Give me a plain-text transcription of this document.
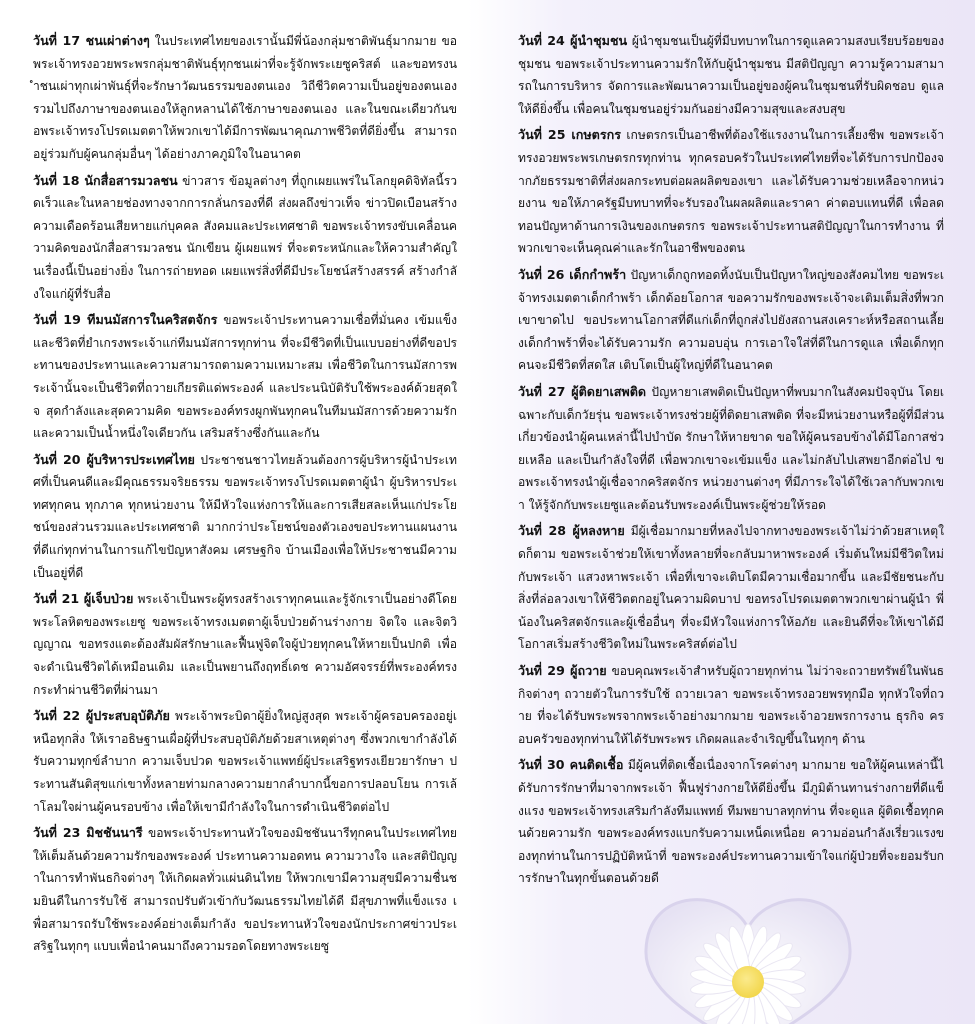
วันที่ 17 ชนเผ่าต่างๆ ในประเทศไทยของเรานั้นมีพี่น้องกลุ่มชาติพันธุ์มากมาย ขอพระเจ้าทรงอวยพระพรกลุ่มชาติพันธุ์ทุกชนเผ่าที่จะรู้จักพระเยซูคริสต์ และขอทรงนำชนเผ่าทุกเผ่าพันธุ์ที่จะรักษาวัฒนธรรมของตนเอง วิถีชีวิตความเป็นอยู่ของตนเอง รวมไปถึงภาษาของตนเองให้ลูกหลานได้ใช้ภาษาของตนเอง และในขณะเดียวกันขอพระเจ้าทรงโปรดเมตตาให้พวกเขาได้มีการพัฒนาคุณภาพชีวิตที่ดียิ่งขึ้น สามารถอยู่ร่วมกับผู้คนกลุ่มอื่นๆ ได้อย่างภาคภูมิใจในอนาคต

วันที่ 18 นักสื่อสารมวลชน ข่าวสาร ข้อมูลต่างๆ ที่ถูกเผยแพร่ในโลกยุคดิจิทัลนี้รวดเร็วและในหลายช่องทางจากการกลั่นกรองที่ดี ส่งผลถึงข่าวเท็จ ข่าวปิดเบือนสร้างความเดือดร้อนเสียหายแก่บุคคล สังคมและประเทศชาติ ขอพระเจ้าทรงขับเคลื่อนความคิดของนักสื่อสารมวลชน นักเขียน ผู้เผยแพร่ ที่จะตระหนักและให้ความสำคัญในเรื่องนี้เป็นอย่างยิ่ง ในการถ่ายทอด เผยแพร่สิ่งที่ดีมีประโยชน์สร้างสรรค์ สร้างกำลังใจแก่ผู้ที่รับสื่อ

วันที่ 19 ทีมนมัสการในคริสตจักร ขอพระเจ้าประทานความเชื่อที่มั่นคง เข้มแข็ง และชีวิตที่ยำเกรงพระเจ้าแก่ทีมนมัสการทุกท่าน ที่จะมีชีวิตที่เป็นแบบอย่างที่ดีขอประทานของประทานและความสามารถตามความเหมาะสม เพื่อชีวิตในการนมัสการพระเจ้านั้นจะเป็นชีวิตที่ถวายเกียรติแด่พระองค์ และประนนิบัติรับใช้พระองค์ด้วยสุดใจ สุดกำลังและสุดความคิด ขอพระองค์ทรงผูกพันทุกคนในทีมนมัสการด้วยความรักและความเป็นน้ำหนึ่งใจเดียวกัน เสริมสร้างซึ่งกันและกัน

วันที่ 20 ผู้บริหารประเทศไทย ประชาชนชาวไทยล้วนต้องการผู้บริหารผู้นำประเทศที่เป็นคนดีและมีคุณธรรมจริยธรรม ขอพระเจ้าทรงโปรดเมตตาผู้นำ ผู้บริหารประเทศทุกคน ทุกภาค ทุกหน่วยงาน ให้มีหัวใจแห่งการให้และการเสียสละเห็นแก่ประโยชน์ของส่วนรวมและประเทศชาติ มากกว่าประโยชน์ของตัวเองขอประทานแผนงานที่ดีแก่ทุกท่านในการแก้ไขปัญหาสังคม เศรษฐกิจ บ้านเมืองเพื่อให้ประชาชนมีความเป็นอยู่ที่ดี

วันที่ 21 ผู้เจ็บป่วย พระเจ้าเป็นพระผู้ทรงสร้างเราทุกคนและรู้จักเราเป็นอย่างดีโดยพระโลหิตของพระเยซู ขอพระเจ้าทรงเมตตาผู้เจ็บป่วยด้านร่างกาย จิตใจ และจิตวิญญาณ ขอทรงแตะต้องสัมผัสรักษาและฟื้นฟูจิตใจผู้ป่วยทุกคนให้หายเป็นปกติ เพื่อจะดำเนินชีวิตได้เหมือนเดิม และเป็นพยานถึงฤทธิ์เดช ความอัศจรรย์ที่พระองค์ทรงกระทำผ่านชีวิตที่ผ่านมา

วันที่ 22 ผู้ประสบอุบัติภัย พระเจ้าพระบิดาผู้ยิ่งใหญ่สูงสุด พระเจ้าผู้ครอบครองอยู่เหนือทุกสิ่ง ให้เราอธิษฐานเผื่อผู้ที่ประสบอุบัติภัยด้วยสาเหตุต่างๆ ซึ่งพวกเขากำลังได้รับความทุกข์ลำบาก ความเจ็บปวด ขอพระเจ้าแพทย์ผู้ประเสริฐทรงเยียวยารักษา ประทานสันติสุขแก่เขาทั้งหลายท่ามกลางความยากลำบากนี้ขอการปลอบโยน การเล้าโลมใจผ่านผู้คนรอบข้าง เพื่อให้เขามีกำลังใจในการดำเนินชีวิตต่อไป

วันที่ 23 มิชชันนารี ขอพระเจ้าประทานหัวใจของมิชชันนารีทุกคนในประเทศไทยให้เต็มล้นด้วยความรักของพระองค์ ประทานความอดทน ความวางใจ และสติปัญญาในการทำพันธกิจต่างๆ ให้เกิดผลทั่วแผ่นดินไทย ให้พวกเขามีความสุขมีความชื่นชมยินดีในการรับใช้ สามารถปรับตัวเข้ากับวัฒนธรรมไทยได้ดี มีสุขภาพที่แข็งแรง เพื่อสามารถรับใช้พระองค์อย่างเต็มกำลัง ขอประทานหัวใจของนักประกาศข่าวประเสริฐในทุกๆ แบบเพื่อนำคนมาถึงความรอดโดยทางพระเยซู

วันที่ 24 ผู้นำชุมชน ผู้นำชุมชนเป็นผู้ที่มีบทบาทในการดูแลความสงบเรียบร้อยของชุมชน ขอพระเจ้าประทานความรักให้กับผู้นำชุมชน มีสติปัญญา ความรู้ความสามารถในการบริหาร จัดการและพัฒนาความเป็นอยู่ของผู้คนในชุมชนที่รับผิดชอบ ดูแลให้ดียิ่งขึ้น เพื่อคนในชุมชนอยู่ร่วมกันอย่างมีความสุขและสงบสุข

วันที่ 25 เกษตรกร เกษตรกรเป็นอาชีพที่ต้องใช้แรงงานในการเลี้ยงชีพ ขอพระเจ้าทรงอวยพระพรเกษตรกรทุกท่าน ทุกครอบครัวในประเทศไทยที่จะได้รับการปกป้องจากภัยธรรมชาติที่ส่งผลกระทบต่อผลผลิตของเขา และได้รับความช่วยเหลือจากหน่วยงาน ขอให้ภาครัฐมีบทบาทที่จะรับรองในผลผลิตและราคา ค่าตอบแทนที่ดี เพื่อลดทอนปัญหาด้านการเงินของเกษตรกร ขอพระเจ้าประทานสติปัญญาในการทำงาน ที่พวกเขาจะเห็นคุณค่าและรักในอาชีพของตน

วันที่ 26 เด็กกำพร้า ปัญหาเด็กถูกทอดทิ้งนับเป็นปัญหาใหญ่ของสังคมไทย ขอพระเจ้าทรงเมตตาเด็กกำพร้า เด็กด้อยโอกาส ขอความรักของพระเจ้าจะเติมเต็มสิ่งที่พวกเขาขาดไป ขอประทานโอกาสที่ดีแก่เด็กที่ถูกส่งไปยังสถานสงเคราะห์หรือสถานเลี้ยงเด็กกำพร้าที่จะได้รับความรัก ความอบอุ่น การเอาใจใส่ที่ดีในการดูแล เพื่อเด็กทุกคนจะมีชีวิตที่สดใส เติบโตเป็นผู้ใหญ่ที่ดีในอนาคต

วันที่ 27 ผู้ติดยาเสพติด ปัญหายาเสพติดเป็นปัญหาที่พบมากในสังคมปัจจุบัน โดยเฉพาะกับเด็กวัยรุ่น ขอพระเจ้าทรงช่วยผู้ที่ติดยาเสพติด ที่จะมีหน่วยงานหรือผู้ที่มีส่วนเกี่ยวข้องนำผู้คนเหล่านี้ไปบำบัด รักษาให้หายขาด ขอให้ผู้คนรอบข้างได้มีโอกาสช่วยเหลือ และเป็นกำลังใจที่ดี เพื่อพวกเขาจะเข้มแข็ง และไม่กลับไปเสพยาอีกต่อไป ขอพระเจ้าทรงนำผู้เชื่อจากคริสตจักร หน่วยงานต่างๆ ที่มีภาระใจได้ใช้เวลากับพวกเขา ให้รู้จักกับพระเยซูและต้อนรับพระองค์เป็นพระผู้ช่วยให้รอด

วันที่ 28 ผู้หลงหาย มีผู้เชื่อมากมายที่หลงไปจากทางของพระเจ้าไม่ว่าด้วยสาเหตุใดก็ตาม ขอพระเจ้าช่วยให้เขาทั้งหลายที่จะกลับมาหาพระองค์ เริ่มต้นใหม่มีชีวิตใหม่กับพระเจ้า แสวงหาพระเจ้า เพื่อที่เขาจะเติบโตมีความเชื่อมากขึ้น และมีชัยชนะกับสิ่งที่ล่อลวงเขาให้ชีวิตตกอยู่ในความผิดบาป ขอทรงโปรดเมตตาพวกเขาผ่านผู้นำ พี่น้องในคริสตจักรและผู้เชื่ออื่นๆ ที่จะมีหัวใจแห่งการให้อภัย และยินดีที่จะให้เขาได้มีโอกาสเริ่มสร้างชีวิตใหม่ในพระคริสต์ต่อไป

วันที่ 29 ผู้ถวาย ขอบคุณพระเจ้าสำหรับผู้ถวายทุกท่าน ไม่ว่าจะถวายทรัพย์ในพันธกิจต่างๆ ถวายตัวในการรับใช้ ถวายเวลา ขอพระเจ้าทรงอวยพรทุกมือ ทุกหัวใจที่ถวาย ที่จะได้รับพระพรจากพระเจ้าอย่างมากมาย ขอพระเจ้าอวยพรการงาน ธุรกิจ ครอบครัวของทุกท่านให้ได้รับพระพร เกิดผลและจำเริญขึ้นในทุกๆ ด้าน

วันที่ 30 คนติดเชื้อ มีผู้คนที่ติดเชื้อเนื่องจากโรคต่างๆ มากมาย ขอให้ผู้คนเหล่านี้ได้รับการรักษาที่มาจากพระเจ้า ฟื้นฟูร่างกายให้ดียิ่งขึ้น มีภูมิต้านทานร่างกายที่ดีแข็งแรง ขอพระเจ้าทรงเสริมกำลังทีมแพทย์ ทีมพยาบาลทุกท่าน ที่จะดูแล ผู้ติดเชื้อทุกคนด้วยความรัก ขอพระองค์ทรงแบกรับความเหน็ดเหนื่อย ความอ่อนกำลังเรี่ยวแรงของทุกท่านในการปฏิบัติหน้าที่ ขอพระองค์ประทานความเข้าใจแก่ผู้ป่วยที่จะยอมรับการรักษาในทุกขั้นตอนด้วยดี
